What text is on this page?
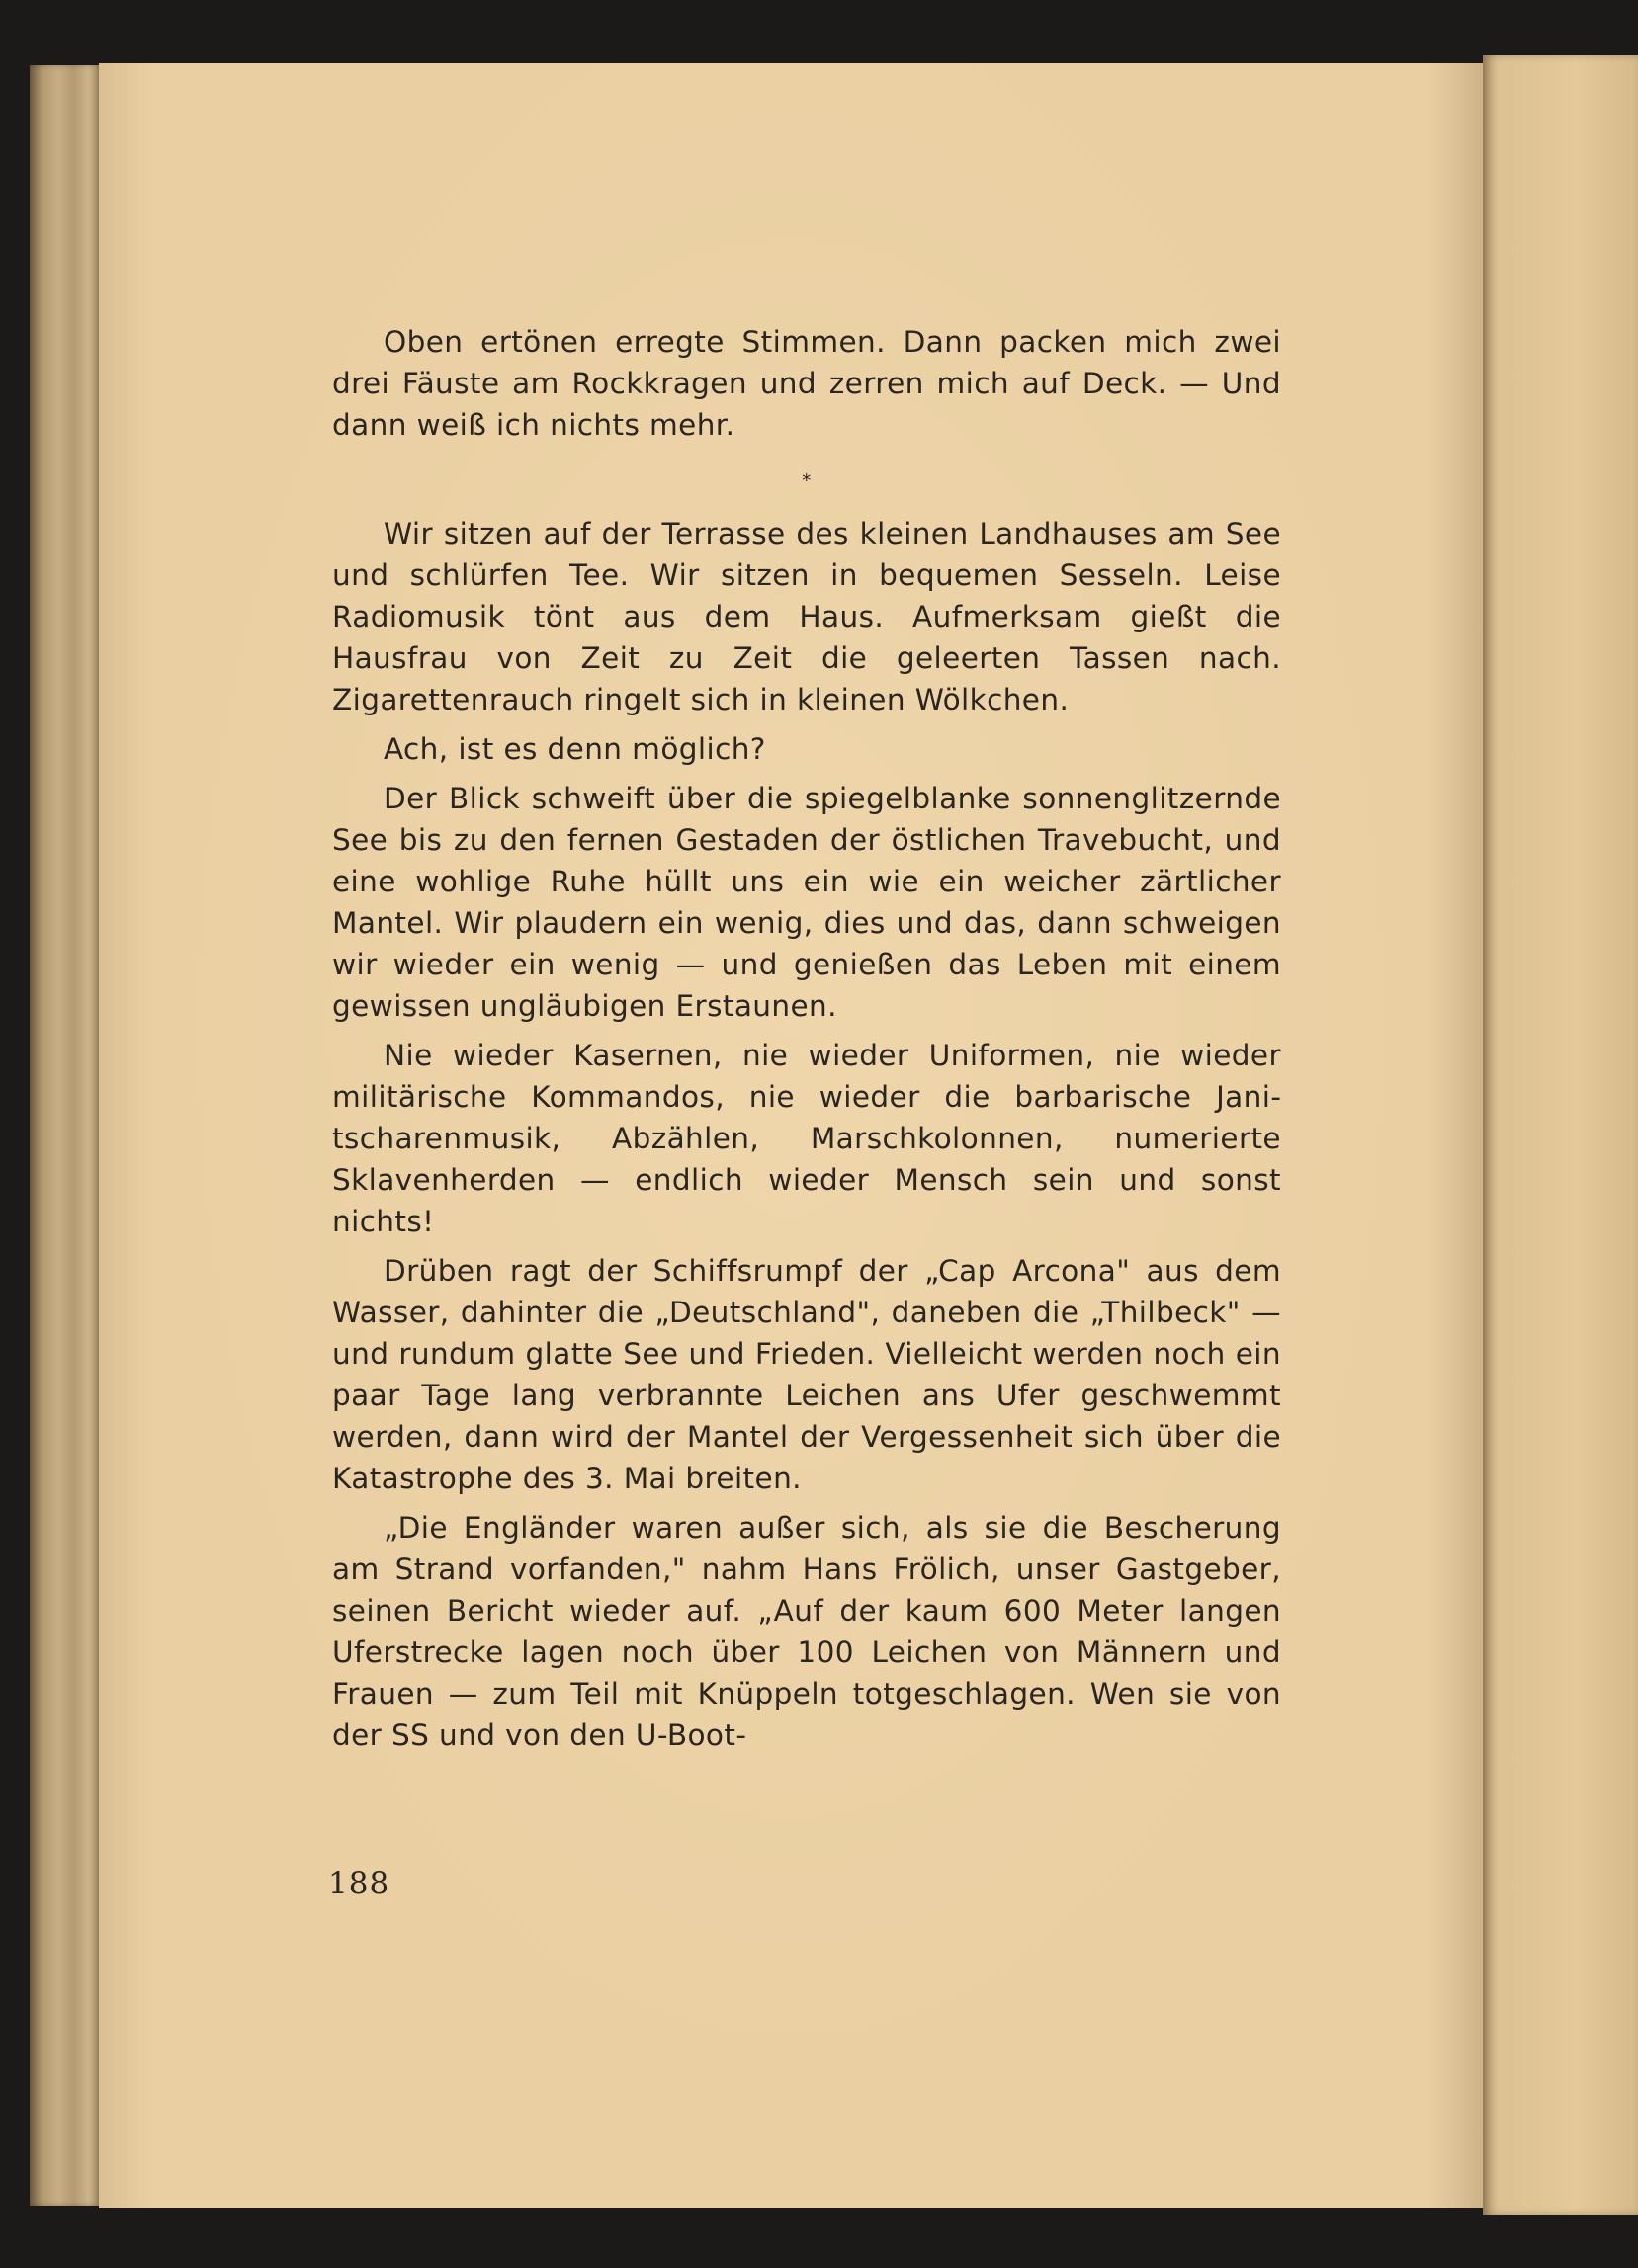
Oben ertönen erregte Stimmen. Dann packen mich zwei drei Fäuste am Rockkragen und zerren mich auf Deck. — Und dann weiß ich nichts mehr.

*

Wir sitzen auf der Terrasse des kleinen Landhauses am See und schlürfen Tee. Wir sitzen in bequemen Sesseln. Leise Radiomusik tönt aus dem Haus. Aufmerksam gießt die Hausfrau von Zeit zu Zeit die geleerten Tassen nach. Zigarettenrauch ringelt sich in kleinen Wölkchen.

Ach, ist es denn möglich?

Der Blick schweift über die spiegelblanke sonnenglitzernde See bis zu den fernen Gestaden der östlichen Travebucht, und eine wohlige Ruhe hüllt uns ein wie ein weicher zärtlicher Mantel. Wir plaudern ein wenig, dies und das, dann schweigen wir wieder ein wenig — und genießen das Leben mit einem gewissen ungläubigen Erstaunen.

Nie wieder Kasernen, nie wieder Uniformen, nie wieder militärische Kommandos, nie wieder die barbarische Janitscharenmusik, Abzählen, Marschkolonnen, numerierte Sklavenherden — endlich wieder Mensch sein und sonst nichts!

Drüben ragt der Schiffsrumpf der „Cap Arcona" aus dem Wasser, dahinter die „Deutschland", daneben die „Thilbeck" — und rundum glatte See und Frieden. Vielleicht werden noch ein paar Tage lang verbrannte Leichen ans Ufer geschwemmt werden, dann wird der Mantel der Vergessenheit sich über die Katastrophe des 3. Mai breiten.

„Die Engländer waren außer sich, als sie die Bescherung am Strand vorfanden," nahm Hans Frölich, unser Gastgeber, seinen Bericht wieder auf. „Auf der kaum 600 Meter langen Uferstrecke lagen noch über 100 Leichen von Männern und Frauen — zum Teil mit Knüppeln totgeschlagen. Wen sie von der SS und von den U-Boot-

188
